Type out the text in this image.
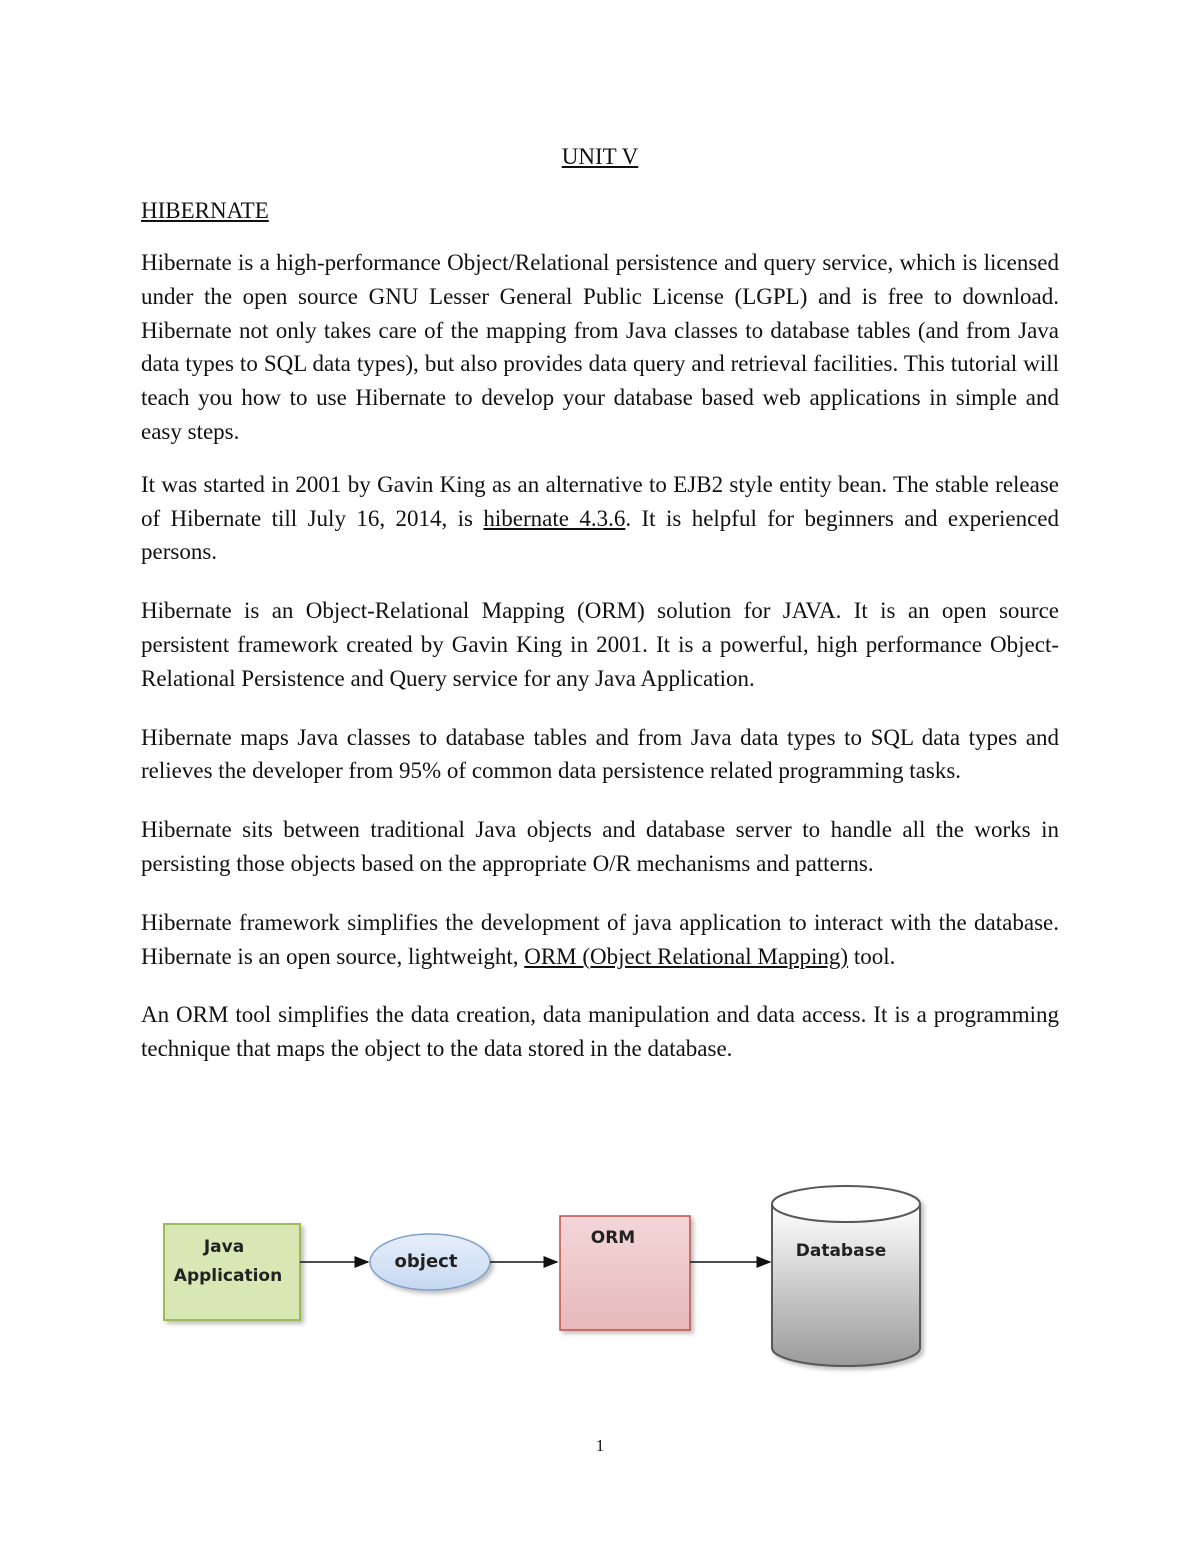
UNIT V
HIBERNATE

Hibernate is a high-performance Object/Relational persistence and query service, which is licensed under the open source GNU Lesser General Public License (LGPL) and is free to download. Hibernate not only takes care of the mapping from Java classes to database tables (and from Java data types to SQL data types), but also provides data query and retrieval facilities. This tutorial will teach you how to use Hibernate to develop your database based web applications in simple and easy steps.

It was started in 2001 by Gavin King as an alternative to EJB2 style entity bean. The stable release of Hibernate till July 16, 2014, is hibernate 4.3.6. It is helpful for beginners and experienced persons.

Hibernate is an Object-Relational Mapping (ORM) solution for JAVA. It is an open source persistent framework created by Gavin King in 2001. It is a powerful, high performance Object-Relational Persistence and Query service for any Java Application.

Hibernate maps Java classes to database tables and from Java data types to SQL data types and relieves the developer from 95% of common data persistence related programming tasks.

Hibernate sits between traditional Java objects and database server to handle all the works in persisting those objects based on the appropriate O/R mechanisms and patterns.

Hibernate framework simplifies the development of java application to interact with the database. Hibernate is an open source, lightweight, ORM (Object Relational Mapping) tool.

An ORM tool simplifies the data creation, data manipulation and data access. It is a programming technique that maps the object to the data stored in the database.

Java
Application
object
ORM
Database
1
